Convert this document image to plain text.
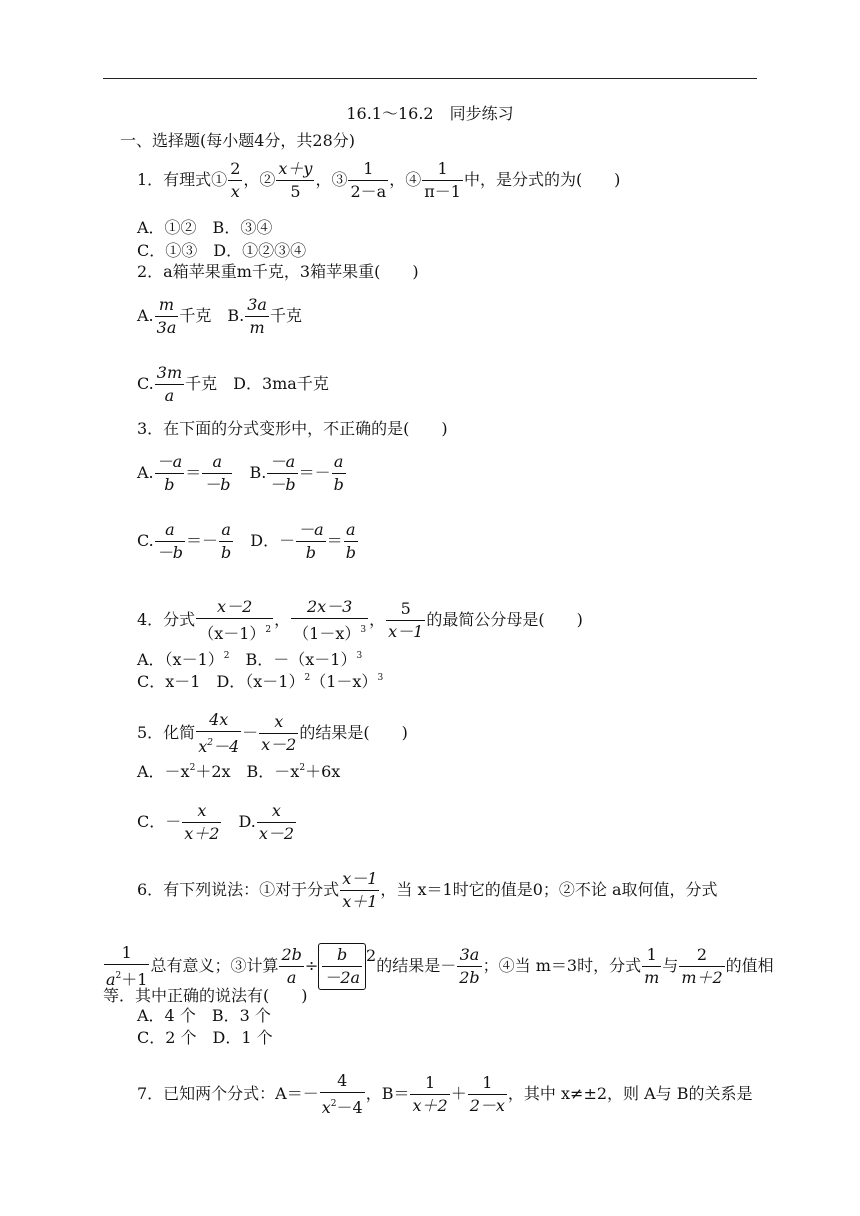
16.1～16.2　同步练习
一、选择题(每小题4分，共28分)
1．有理式① $\frac{2}{x}$ ，② $\frac{x+y}{5}$ ，③ $\frac{1}{2-a}$ ，④ $\frac{1}{\pi-1}$ 中，是分式的为(　　)
A．①②　B．③④
C．①③　D．①②③④
2．a箱苹果重m千克，3箱苹果重(　　)
A. $\frac{m}{3a}$ 千克　B. $\frac{3a}{m}$ 千克
C. $\frac{3m}{a}$ 千克　D．3ma千克
3．在下面的分式变形中，不正确的是(　　)
A. $\frac{-a}{b} = \frac{a}{-b}$ 　B. $\frac{-a}{-b} =- \frac{a}{b}$
C. $\frac{a}{-b} =- \frac{a}{b}$ 　D．－ $\frac{-a}{b} = \frac{a}{b}$
4．分式 $\frac{x-2}{(x-1)^2}$ ， $\frac{2x-3}{(1-x)^3}$ ， $\frac{5}{x-1}$ 的最简公分母是(　　)
A．$(x-1)^2$　B．$-(x-1)^3$
C．x－1　D．$(x-1)^2(1-x)^3$
5．化简 $\frac{4x}{x^2-4} - \frac{x}{x-2}$ 的结果是(　　)
A．$-x^2+2x$　B．$-x^2+6x$
C．－ $\frac{x}{x+2}$ 　D. $\frac{x}{x-2}$
6．有下列说法：①对于分式 $\frac{x-1}{x+1}$ ，当 x＝1时它的值是0；②不论 a取何值，分式
$\frac{1}{a^2+1}$ 总有意义；③计算 $\frac{2b}{a} \div \frac{b}{-2a} 2$的结果是－ $\frac{3a}{2b}$ ；④当 m＝3时，分式 $\frac{1}{m}$ 与 $\frac{2}{m+2}$ 的值相
等．其中正确的说法有(　　)
A．4 个　B．3 个
C．2 个　D．1 个
7．已知两个分式：$A=- \frac{4}{x^2-4}$ ，$B= \frac{1}{x+2} + \frac{1}{2-x}$ ，其中 x≠±2，则 A与 B的关系是
